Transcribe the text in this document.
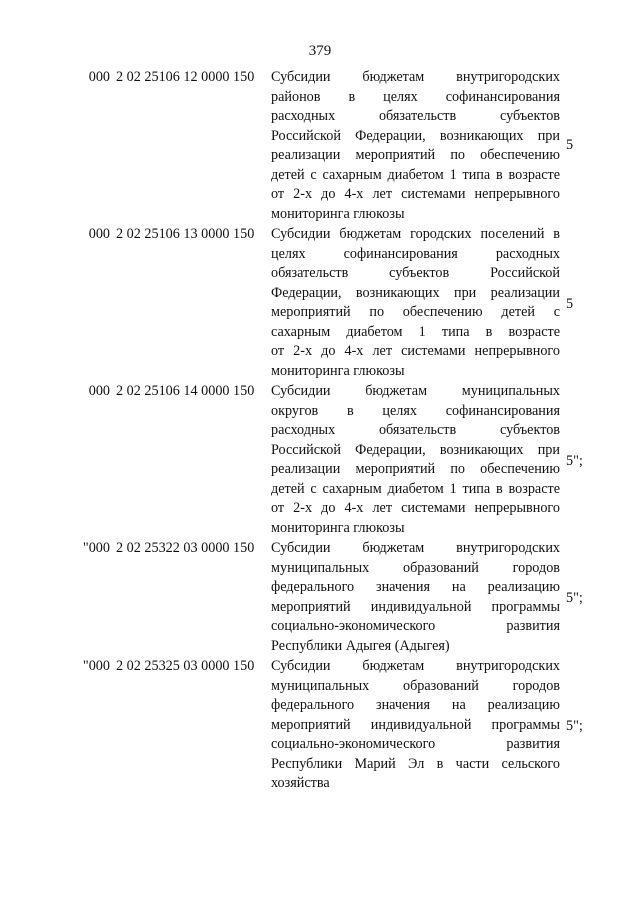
379
000 2 02 25106 12 0000 150	Субсидии бюджетам внутригородских
районов в целях софинансирования
расходных обязательств субъектов
Российской Федерации, возникающих при
реализации мероприятий по обеспечению
детей с сахарным диабетом 1 типа в возрасте
от 2-х до 4-х лет системами непрерывного
мониторинга глюкозы
5
000 2 02 25106 13 0000 150	Субсидии бюджетам городских поселений в
целях софинансирования расходных
обязательств субъектов Российской
Федерации, возникающих при реализации
мероприятий по обеспечению детей с
сахарным диабетом 1 типа в возрасте
от 2-х до 4-х лет системами непрерывного
мониторинга глюкозы
5
000 2 02 25106 14 0000 150	Субсидии бюджетам муниципальных
округов в целях софинансирования
расходных обязательств субъектов
Российской Федерации, возникающих при
реализации мероприятий по обеспечению
детей с сахарным диабетом 1 типа в возрасте
от 2-х до 4-х лет системами непрерывного
мониторинга глюкозы
5";
"000 2 02 25322 03 0000 150	Субсидии бюджетам внутригородских
муниципальных образований городов
федерального значения на реализацию
мероприятий индивидуальной программы
социально-экономического развития
Республики Адыгея (Адыгея)
5";
"000 2 02 25325 03 0000 150	Субсидии бюджетам внутригородских
муниципальных образований городов
федерального значения на реализацию
мероприятий индивидуальной программы
социально-экономического развития
Республики Марий Эл в части сельского
хозяйства
5";
